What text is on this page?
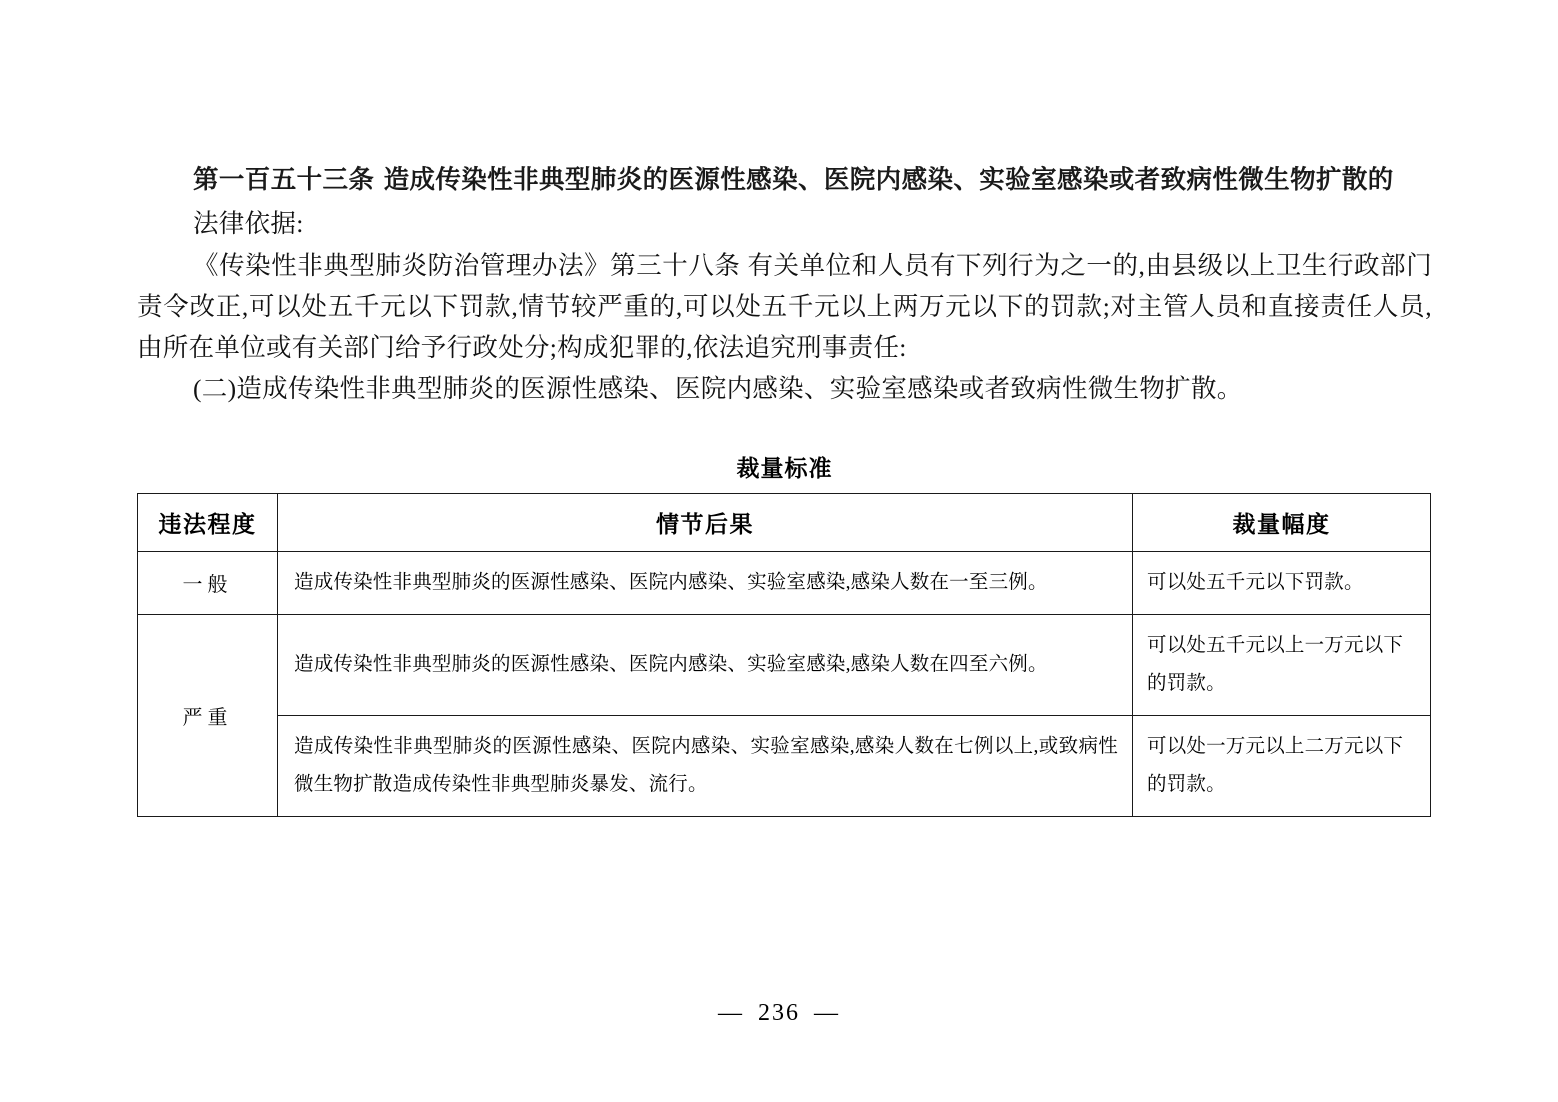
第一百五十三条 造成传染性非典型肺炎的医源性感染、医院内感染、实验室感染或者致病性微生物扩散的

法律依据:

《传染性非典型肺炎防治管理办法》第三十八条 有关单位和人员有下列行为之一的,由县级以上卫生行政部门责令改正,可以处五千元以下罚款,情节较严重的,可以处五千元以上两万元以下的罚款;对主管人员和直接责任人员,由所在单位或有关部门给予行政处分;构成犯罪的,依法追究刑事责任:

(二)造成传染性非典型肺炎的医源性感染、医院内感染、实验室感染或者致病性微生物扩散。

裁量标准
违法程度	情节后果	裁量幅度
一般	造成传染性非典型肺炎的医源性感染、医院内感染、实验室感染,感染人数在一至三例。	可以处五千元以下罚款。
严重	造成传染性非典型肺炎的医源性感染、医院内感染、实验室感染,感染人数在四至六例。	可以处五千元以上一万元以下的罚款。
	造成传染性非典型肺炎的医源性感染、医院内感染、实验室感染,感染人数在七例以上,或致病性微生物扩散造成传染性非典型肺炎暴发、流行。	可以处一万元以上二万元以下的罚款。
— 236 —
